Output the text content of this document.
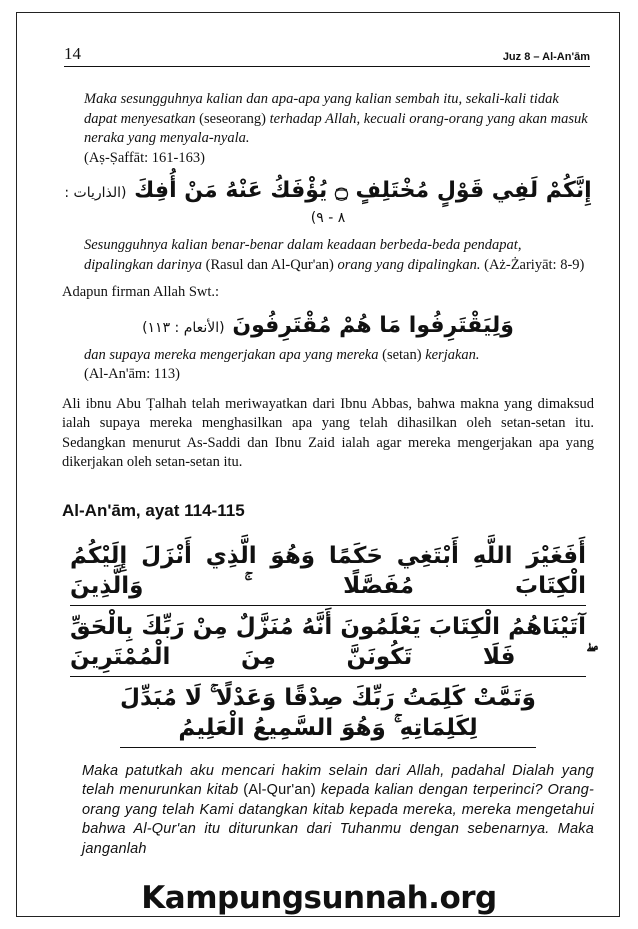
14	Juz 8 – Al-An'ām
Maka sesungguhnya kalian dan apa-apa yang kalian sembah itu, sekali-kali tidak dapat menyesatkan (seseorang) terhadap Allah, kecuali orang-orang yang akan masuk neraka yang menyala-nyala.
(Aṣ-Ṣaffāt: 161-163)
إِنَّكُمْ لَفِي قَوْلٍ مُخْتَلِفٍ ۝ يُؤْفَكُ عَنْهُ مَنْ أُفِكَ (الذاريات : ٨ - ٩)
Sesungguhnya kalian benar-benar dalam keadaan berbeda-beda pendapat, dipalingkan darinya (Rasul dan Al-Qur'an) orang yang dipalingkan. (Aż-Żariyāt: 8-9)
Adapun firman Allah Swt.:
وَلِيَقْتَرِفُوا مَا هُمْ مُقْتَرِفُونَ (الأنعام : ١١٣)
dan supaya mereka mengerjakan apa yang mereka (setan) kerjakan.
(Al-An'ām: 113)
Ali ibnu Abu Ṭalhah telah meriwayatkan dari Ibnu Abbas, bahwa makna yang dimaksud ialah supaya mereka menghasilkan apa yang telah dihasilkan oleh setan-setan itu. Sedangkan menurut As-Saddi dan Ibnu Zaid ialah agar mereka mengerjakan apa yang dikerjakan oleh setan-setan itu.
Al-An'ām, ayat 114-115
أَفَغَيْرَ اللَّهِ أَبْتَغِي حَكَمًا وَهُوَ الَّذِي أَنْزَلَ إِلَيْكُمُ الْكِتَابَ مُفَصَّلًا ۚ وَالَّذِينَ
آتَيْنَاهُمُ الْكِتَابَ يَعْلَمُونَ أَنَّهُ مُنَزَّلٌ مِنْ رَبِّكَ بِالْحَقِّ ۖ فَلَا تَكُونَنَّ مِنَ الْمُمْتَرِينَ
وَتَمَّتْ كَلِمَتُ رَبِّكَ صِدْقًا وَعَدْلًا ۚ لَا مُبَدِّلَ لِكَلِمَاتِهِ ۚ وَهُوَ السَّمِيعُ الْعَلِيمُ
Maka patutkah aku mencari hakim selain dari Allah, padahal Dialah yang telah menurunkan kitab (Al-Qur'an) kepada kalian dengan terperinci? Orang-orang yang telah Kami datangkan kitab kepada mereka, mereka mengetahui bahwa Al-Qur'an itu diturunkan dari Tuhanmu dengan sebenarnya. Maka janganlah
Kampungsunnah.org
